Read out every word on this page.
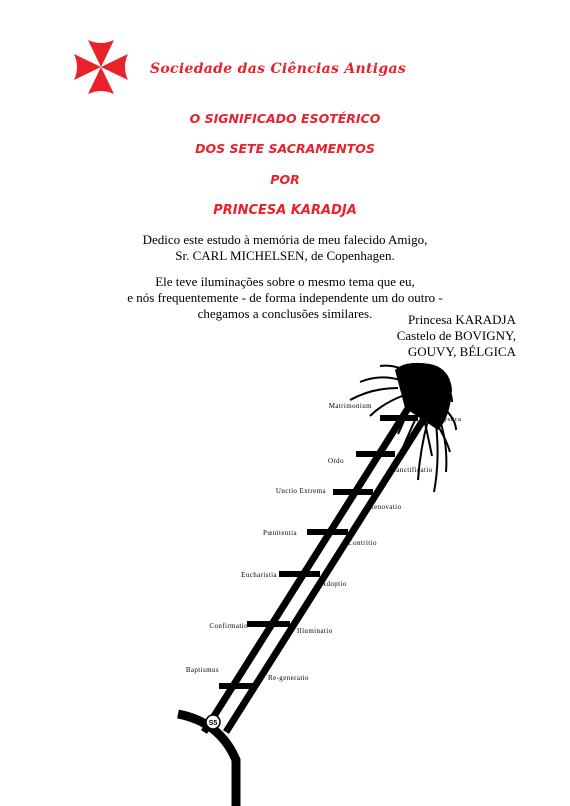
Sociedade das Ciências Antigas
O SIGNIFICADO ESOTÉRICO
DOS SETE SACRAMENTOS
POR
PRINCESA KARADJA
Dedico este estudo à memória de meu falecido Amigo,
Sr. CARL MICHELSEN, de Copenhagen.
Ele teve iluminações sobre o mesmo tema que eu,
e nós frequentemente - de forma independente um do outro -
chegamos a conclusões similares.	Princesa KARADJA
Castelo de BOVIGNY,
GOUVY, BÉLGICA
S5
Matrimonium
Ordo
Unctio Extrema
Pœnitentia
Eucharistia
Confirmatio
Baptismus
Unio Mystica
Sanctificatio
Renovatio
Contritio
Adoptio
Illuminatio
Re-generatio
